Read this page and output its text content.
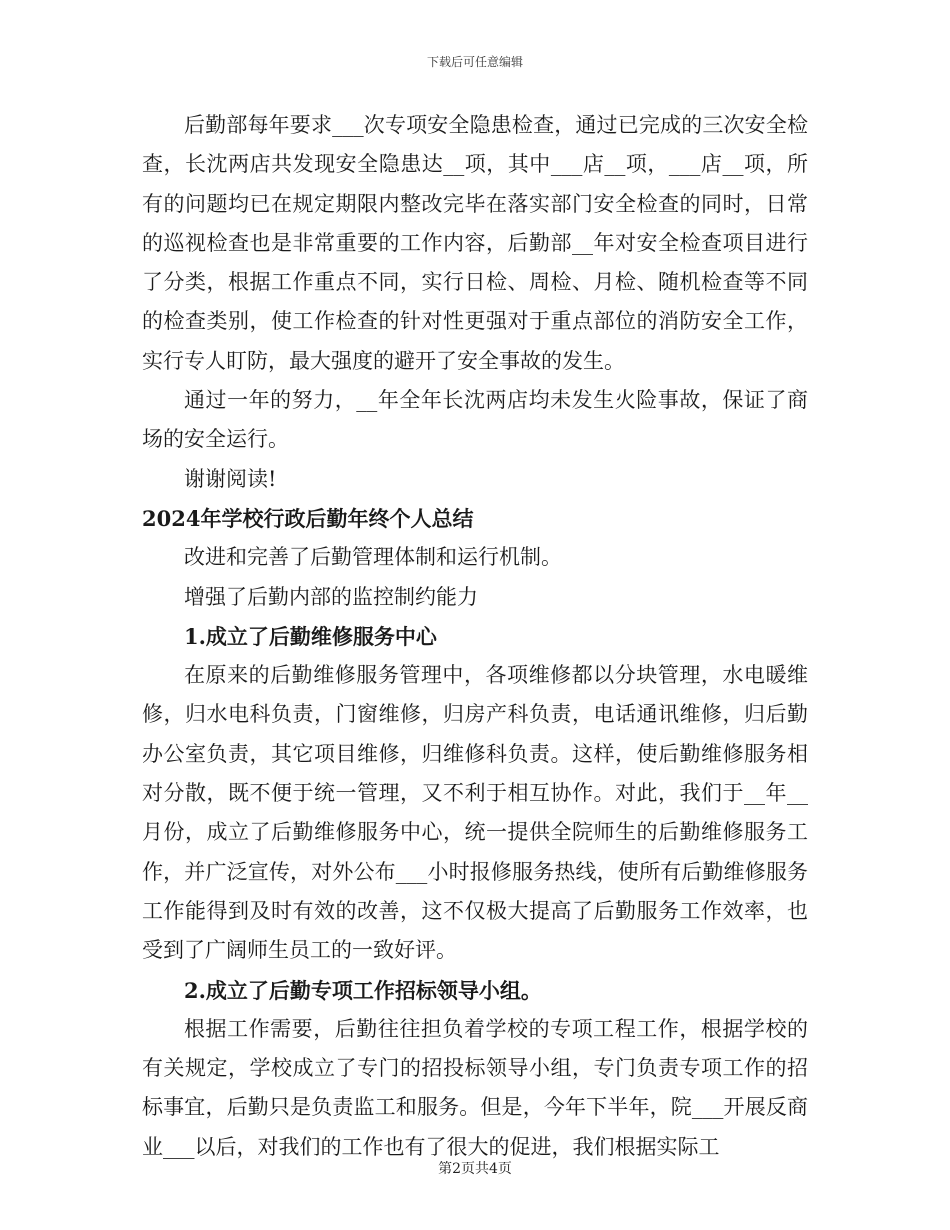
下载后可任意编辑

后勤部每年要求___次专项安全隐患检查，通过已完成的三次安全检查，长沈两店共发现安全隐患达__项，其中___店__项，___店__项，所有的问题均已在规定期限内整改完毕在落实部门安全检查的同时，日常的巡视检查也是非常重要的工作内容，后勤部__年对安全检查项目进行了分类，根据工作重点不同，实行日检、周检、月检、随机检查等不同的检查类别，使工作检查的针对性更强对于重点部位的消防安全工作，实行专人盯防，最大强度的避开了安全事故的发生。

通过一年的努力，__年全年长沈两店均未发生火险事故，保证了商场的安全运行。

谢谢阅读!

2024年学校行政后勤年终个人总结

改进和完善了后勤管理体制和运行机制。

增强了后勤内部的监控制约能力

1.成立了后勤维修服务中心

在原来的后勤维修服务管理中，各项维修都以分块管理，水电暖维修，归水电科负责，门窗维修，归房产科负责，电话通讯维修，归后勤办公室负责，其它项目维修，归维修科负责。这样，使后勤维修服务相对分散，既不便于统一管理，又不利于相互协作。对此，我们于__年__月份，成立了后勤维修服务中心，统一提供全院师生的后勤维修服务工作，并广泛宣传，对外公布___小时报修服务热线，使所有后勤维修服务工作能得到及时有效的改善，这不仅极大提高了后勤服务工作效率，也受到了广阔师生员工的一致好评。

2.成立了后勤专项工作招标领导小组。

根据工作需要，后勤往往担负着学校的专项工程工作，根据学校的有关规定，学校成立了专门的招投标领导小组，专门负责专项工作的招标事宜，后勤只是负责监工和服务。但是，今年下半年，院___开展反商业___以后，对我们的工作也有了很大的促进，我们根据实际工

第2页共4页
